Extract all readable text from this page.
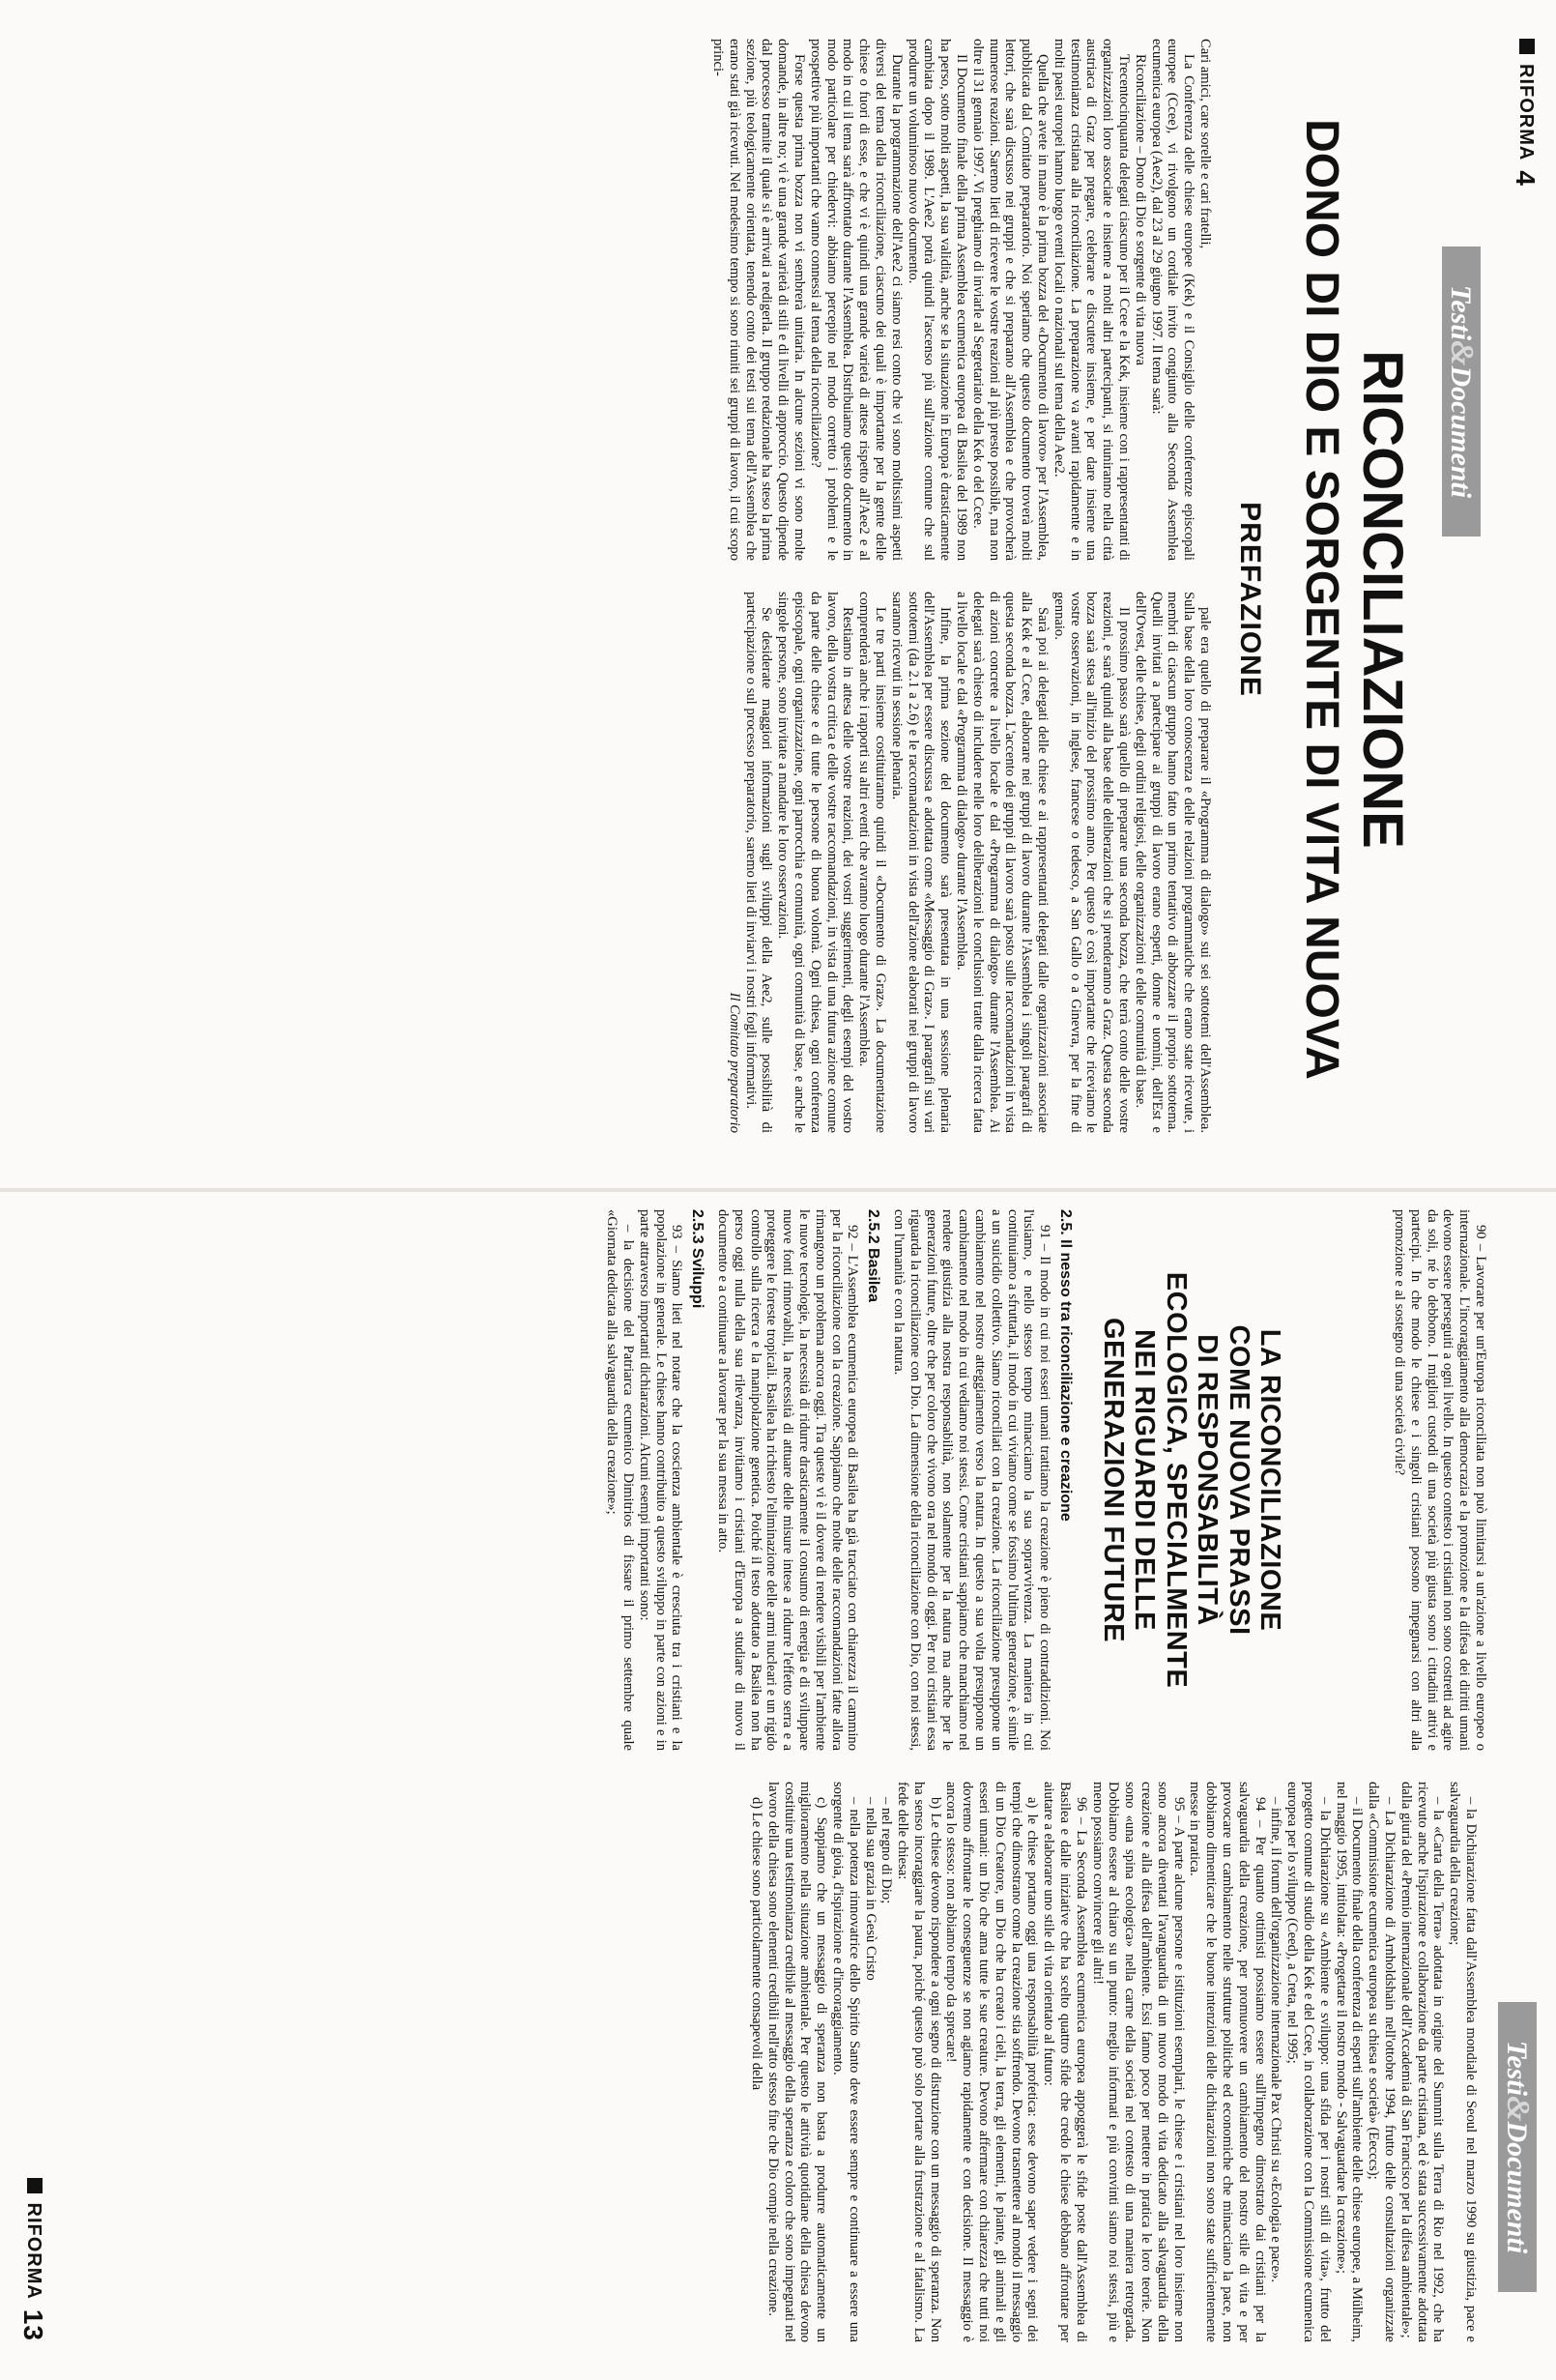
RIFORMA4
Testi&Documenti
RICONCILIAZIONE
DONO DI DIO E SORGENTE DI VITA NUOVA
PREFAZIONE

Cari amici, care sorelle e cari fratelli,

La Conferenza delle chiese europee (Kek) e il Consiglio delle conferenze episcopali europee (Ccee), vi rivolgono un cordiale invito congiunto alla Seconda Assemblea ecumenica europea (Aee2), dal 23 al 29 giugno 1997. Il tema sarà:

Riconciliazione – Dono di Dio e sorgente di vita nuova

Trecentocinquanta delegati ciascuno per il Ccee e la Kek, insieme con i rappresentanti di organizzazioni loro associate e insieme a molti altri partecipanti, si riuniranno nella città austriaca di Graz per pregare, celebrare e discutere insieme, e per dare insieme una testimonianza cristiana alla riconciliazione. La preparazione va avanti rapidamente e in molti paesi europei hanno luogo eventi locali o nazionali sul tema della Aee2.

Quella che avete in mano è la prima bozza del «Documento di lavoro» per l'Assemblea, pubblicata dal Comitato preparatorio. Noi speriamo che questo documento troverà molti lettori, che sarà discusso nei gruppi e che si preparano all'Assemblea e che provocherà numerose reazioni. Saremo lieti di ricevere le vostre reazioni al più presto possibile, ma non oltre il 31 gennaio 1997. Vi preghiamo di inviarle al Segretariato della Kek o del Ccee.

Il Documento finale della prima Assemblea ecumenica europea di Basilea del 1989 non ha perso, sotto molti aspetti, la sua validità, anche se la situazione in Europa è drasticamente cambiata dopo il 1989. L'Aee2 potrà quindi l'ascenso più sull'azione comune che sul produrre un voluminoso nuovo documento.

Durante la programmazione dell'Aee2 ci siamo resi conto che vi sono moltissimi aspetti diversi del tema della riconciliazione, ciascuno dei quali è importante per la gente delle chiese o fuori di esse, e che vi è quindi una grande varietà di attese rispetto all'Aee2 e al modo in cui il tema sarà affrontato durante l'Assemblea. Distribuiamo questo documento in modo particolare per chiedervi: abbiamo percepito nel modo corretto i problemi e le prospettive più importanti che vanno connessi al tema della riconciliazione?

Forse questa prima bozza non vi sembrerà unitaria. In alcune sezioni vi sono molte domande, in altre no; vi è una grande varietà di stili e di livelli di approccio. Questo dipende dal processo tramite il quale si è arrivati a redigerla. Il gruppo redazionale ha steso la prima sezione, più teologicamente orientata, tenendo conto dei testi sui tema dell'Assemblea che erano stati già ricevuti. Nel medesimo tempo si sono riuniti sei gruppi di lavoro, il cui scopo princi-

pale era quello di preparare il «Programma di dialogo» sui sei sottotemi dell'Assemblea. Sulla base della loro conoscenza e delle relazioni programmatiche che erano state ricevute, i membri di ciascun gruppo hanno fatto un primo tentativo di abbozzare il proprio sottotema. Quelli invitati a partecipare ai gruppi di lavoro erano esperti, donne e uomini, dell'Est e dell'Ovest, delle chiese, degli ordini religiosi, delle organizzazioni e delle comunità di base.

Il prossimo passo sarà quello di preparare una seconda bozza, che terrà conto delle vostre reazioni, e sarà quindi alla base delle deliberazioni che si prenderanno a Graz. Questa seconda bozza sarà stesa all'inizio del prossimo anno. Per questo è così importante che riceviamo le vostre osservazioni, in inglese, francese o tedesco, a San Gallo o a Ginevra, per la fine di gennaio.

Sarà poi ai delegati delle chiese e ai rappresentanti delegati dalle organizzazioni associate alla Kek e al Ccee, elaborare nei gruppi di lavoro durante l'Assemblea i singoli paragrafi di questa seconda bozza. L'accento dei gruppi di lavoro sarà posto sulle raccomandazioni in vista di azioni concrete a livello locale e dal «Programma di dialogo» durante l'Assemblea. Ai delegati sarà chiesto di includere nelle loro deliberazioni le conclusioni tratte dalla ricerca fatta a livello locale e dal «Programma di dialogo» durante l'Assemblea.

Infine, la prima sezione del documento sarà presentata in una sessione plenaria dell'Assemblea per essere discussa e adottata come «Messaggio di Graz». I paragrafi sui vari sottotemi (da 2.1 a 2.6) e le raccomandazioni in vista dell'azione elaborati nei gruppi di lavoro saranno ricevuti in sessione plenaria.

Le tre parti insieme costituiranno quindi il «Documento di Graz». La documentazione comprenderà anche i rapporti su altri eventi che avranno luogo durante l'Assemblea.

Restiamo in attesa delle vostre reazioni, dei vostri suggerimenti, degli esempi del vostro lavoro, della vostra critica e delle vostre raccomandazioni, in vista di una futura azione comune da parte delle chiese e di tutte le persone di buona volontà. Ogni chiesa, ogni conferenza episcopale, ogni organizzazione, ogni parrocchia e comunità, ogni comunità di base, e anche le singole persone, sono invitate a mandare le loro osservazioni.

Se desiderate maggiori informazioni sugli sviluppi della Aee2, sulle possibilità di partecipazione o sul processo preparatorio, saremo lieti di inviarvi i nostri fogli informativi.

Il Comitato preparatorio

Testi&Documenti
RIFORMA13

90 – Lavorare per un'Europa riconciliata non può limitarsi a un'azione a livello europeo o internazionale. L'incoraggiamento alla democrazia e la promozione e la difesa dei diritti umani devono essere perseguiti a ogni livello. In questo contesto i cristiani non sono costretti ad agire da soli, né lo debbono. I migliori custodi di una società più giusta sono i cittadini attivi e partecipi. In che modo le chiese e i singoli cristiani possono impegnarsi con altri alla promozione e al sostegno di una società civile?

LA RICONCILIAZIONE
COME NUOVA PRASSI
DI RESPONSABILITÀ
ECOLOGICA, SPECIALMENTE
NEI RIGUARDI DELLE
GENERAZIONI FUTURE
2.5. Il nesso tra riconciliazione e creazione

91 – Il modo in cui noi esseri umani trattiamo la creazione è pieno di contraddizioni. Noi l'usiamo, e nello stesso tempo minacciamo la sua sopravvivenza. La maniera in cui continuiamo a sfruttarla, il modo in cui viviamo come se fossimo l'ultima generazione, è simile a un suicidio collettivo. Siamo riconciliati con la creazione. La riconciliazione presuppone un cambiamento nel nostro atteggiamento verso la natura. In questo a sua volta presuppone un cambiamento nel modo in cui vediamo noi stessi. Come cristiani sappiamo che manchiamo nel rendere giustizia alla nostra responsabilità, non solamente per la natura ma anche per le generazioni future, oltre che per coloro che vivono ora nel mondo di oggi. Per noi cristiani essa riguarda la riconciliazione con Dio. La dimensione della riconciliazione con Dio, con noi stessi, con l'umanità e con la natura.

2.5.2 Basilea

92 – L'Assemblea ecumenica europea di Basilea ha già tracciato con chiarezza il cammino per la riconciliazione con la creazione. Sappiamo che molte delle raccomandazioni fatte allora rimangono un problema ancora oggi. Tra queste vi è il dovere di rendere visibili per l'ambiente le nuove tecnologie, la necessità di ridurre drasticamente il consumo di energia e di sviluppare nuove fonti rinnovabili, la necessità di attuare delle misure intese a ridurre l'effetto serra e a proteggere le foreste tropicali. Basilea ha richiesto l'eliminazione delle armi nucleari e un rigido controllo sulla ricerca e la manipolazione genetica. Poiché il testo adottato a Basilea non ha perso oggi nulla della sua rilevanza, invitiamo i cristiani d'Europa a studiare di nuovo il documento e a continuare a lavorare per la sua messa in atto.

2.5.3 Sviluppi

93 – Siamo lieti nel notare che la coscienza ambientale è cresciuta tra i cristiani e la popolazione in generale. Le chiese hanno contribuito a questo sviluppo in parte con azioni e in parte attraverso importanti dichiarazioni. Alcuni esempi importanti sono:

– la decisione del Patriarca ecumenico Dimitrios di fissare il primo settembre quale «Giornata dedicata alla salvaguardia della creazione»;

– la Dichiarazione fatta dall'Assemblea mondiale di Seoul nel marzo 1990 su giustizia, pace e salvaguardia della creazione;

– la «Carta della Terra» adottata in origine del Summit sulla Terra di Rio nel 1992, che ha ricevuto anche l'ispirazione e collaborazione da parte cristiana, ed è stata successivamente adottata dalla giuria del «Premio internazionale dell'Accademia di San Francisco per la difesa ambientale»;

– La Dichiarazione di Arnholdshain nell'ottobre 1994, frutto delle consultazioni organizzate dalla «Commissione ecumenica europea su chiesa e società» (Eecccs);

– il Documento finale della conferenza di esperti sull'ambiente delle chiese europee, a Mülheim, nel maggio 1995, intitolata: «Progettare il nostro mondo - Salvaguardare la creazione»;

– la Dichiarazione su «Ambiente e sviluppo: una sfida per i nostri stili di vita», frutto del progetto comune di studio della Kek e del Ccee, in collaborazione con la Commissione ecumenica europea per lo sviluppo (Ceed), a Creta, nel 1995;

– infine, il forum dell'organizzazione internazionale Pax Christi su «Ecologia e pace».

94 – Per quanto ottimisti possiamo essere sull'impegno dimostrato dai cristiani per la salvaguardia della creazione, per promuovere un cambiamento del nostro stile di vita e per provocare un cambiamento nelle strutture politiche ed economiche che minacciano la pace, non dobbiamo dimenticare che le buone intenzioni delle dichiarazioni non sono state sufficientemente messe in pratica.

95 – A parte alcune persone e istituzioni esemplari, le chiese e i cristiani nel loro insieme non sono ancora diventati l'avanguardia di un nuovo modo di vita dedicato alla salvaguardia della creazione e alla difesa dell'ambiente. Essi fanno poco per mettere in pratica le loro teorie. Non sono «una spina ecologica» nella carne della società nel contesto di una maniera retrograda. Dobbiamo essere al chiaro su un punto: meglio informati e più convinti siamo noi stessi, più e meno possiamo convincere gli altri!

96 – La Seconda Assemblea ecumenica europea appoggerà le sfide poste dall'Assemblea di Basilea e dalle iniziative che ha scelto quattro sfide che credo le chiese debbano affrontare per aiutare a elaborare uno stile di vita orientato al futuro:

a) le chiese portano oggi una responsabilità profetica: esse devono saper vedere i segni dei tempi che dimostrano come la creazione stia soffrendo. Devono trasmettere al mondo il messaggio di un Dio Creatore, un Dio che ha creato i cieli, la terra, gli elementi, le piante, gli animali e gli esseri umani: un Dio che ama tutte le sue creature. Devono affermare con chiarezza che tutti noi dovremo affrontare le conseguenze se non agiamo rapidamente e con decisione. Il messaggio è ancora lo stesso: non abbiamo tempo da sprecare!

b) Le chiese devono rispondere a ogni segno di distruzione con un messaggio di speranza. Non ha senso incoraggiare la paura, poiché questo può solo portare alla frustrazione e al fatalismo. La fede delle chiesa:

– nel regno di Dio;

– nella sua grazia in Gesù Cristo

– nella potenza rinnovatrice dello Spirito Santo deve essere sempre e continuare a essere una sorgente di gioia, d'ispirazione e d'incoraggiamento.

c) Sappiamo che un messaggio di speranza non basta a produrre automaticamente un miglioramento nella situazione ambientale. Per questo le attività quotidiane della chiesa devono costituire una testimonianza credibile al messaggio della speranza e coloro che sono impegnati nel lavoro della chiesa sono elementi credibili nell'atto stesso fine che Dio compie nella creazione.

d) Le chiese sono particolarmente consapevoli della
